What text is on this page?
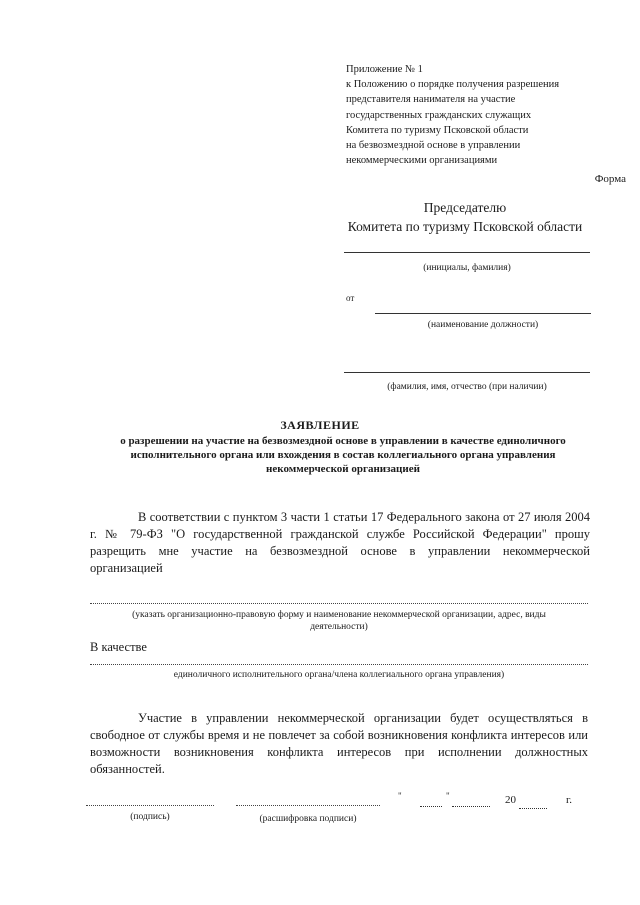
Приложение № 1
к Положению о порядке получения разрешения
представителя нанимателя на участие
государственных гражданских служащих
Комитета по туризму Псковской области
на безвозмездной основе в управлении
некоммерческими организациями
Форма
Председателю
Комитета по туризму Псковской области
(инициалы, фамилия)
от
(наименование должности)
(фамилия, имя, отчество (при наличии)
ЗАЯВЛЕНИЕ
о разрешении на участие на безвозмездной основе в управлении в качестве единоличного исполнительного органа или вхождения в состав коллегиального органа управления некоммерческой организацией

В соответствии с пунктом 3 части 1 статьи 17 Федерального закона от 27 июля 2004 г. № 79-ФЗ "О государственной гражданской службе Российской Федерации" прошу разрещить мне участие на безвозмездной основе в управлении некоммерческой организацией

(указать организационно-правовую форму и наименование некоммерческой организации, адрес, виды
деятельности)
В качестве
единоличного исполнительного органа/члена коллегиального органа управления)

Участие в управлении некоммерческой организации будет осуществляться в свободное от службы время и не повлечет за собой возникновения конфликта интересов или возможности возникновения конфликта интересов при исполнении должностных обязанностей.

(подпись)	(расшифровка подписи)
"	"	20	г.
